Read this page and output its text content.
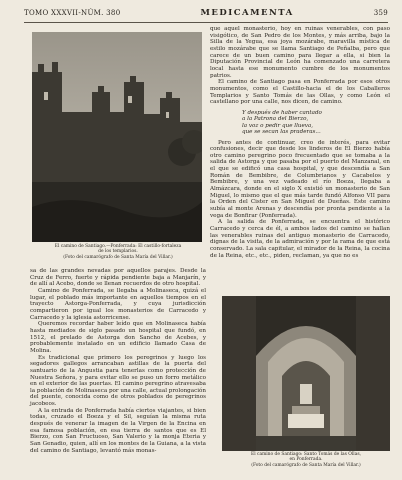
TOMO XXXVII-NÚM. 380	MEDICAMENTA	359
El camino de Santiago.—Ponferrada: El castillo-fortaleza
de los templarios.
(Foto del camarógrafo de Santa María del Villar.)

que aquel monasterio, hoy en ruinas venerables, con paso visigótico, de San Pedro de los Montes, y más arriba, bajo la Silla de la Yegua, esa joya mozárabe, maravilla mística de estilo mozárabe que se llama Santiago de Peñalba, pero que carece de un buen camino para llegar a ella, si bien la Diputación Provincial de León ha comenzado una carretera local hasta ese monumento cumbre de los monumentos patrios.

El camino de Santiago pasa en Ponferrada por esos otros monumentos, como el Castillo-hacia el de los Caballeros Templarios y Santo Tomás de las Ollas, y como León el castellano por una calle, nos dicen, de camino.

Y después de haber cantado
a la Patrona del Bierzo,
la voz o pedir que llueva,
que se secan las praderas...

Pero antes de continuar, creo de interés, para evitar confusiones, decir que desde los linderos de El Bierzo había otro camino peregrino poco frecuentado que se tomaba a la salida de Astorga y que pasaba por el puerto del Manzanal, en el que se edificó una casa hospital, y que descendía a San Román de Bembibre, de Columbrianos y Cacabelos y Bembibre, y una vez vadeado el río Boeza, llegaba a Almázcara, donde en el siglo X existió un monasterio de San Miguel, lo mismo que el que más tarde fundó Alfonso VII para la Orden del Cister en San Miguel de Dueñas. Este camino subía al monte Arenas y descendía por pronta pendiente a la vega de Bonfirar (Ponferrada).

A la salida de Ponferrada, se encuentra el histórico Carracedo y cerca de él, a ambos lados del camino se hallan las venerables ruinas del antiguo monasterio de Carracedo, dignas de la visita, de la admiración y por la rama de que está conservado. La sala capitular, el mirador de la Reina, la cocina de la Reina, etc., etc., piden, reclaman, ya que no es

sa de las grandes nevadas por aquellos parajes. Desde la Cruz de Ferro, fuerte y rápida pendiente baja a Manjarín, y de allí al Acebo, donde se llenan recuerdos de otro hospital.

Camino de Ponferrada, se llegaba a Molinaseca, quizá el lugar, el poblado más importante en aquellos tiempos en el trayecto Astorga-Ponferrada, y cuya jurisdicción compartieron por igual los monasterios de Carracedo y Carracedo y la iglesia astorricense.

Queremos recordar haber leído que en Molinaseca había hasta mediados de siglo pasado un hospital que fundó, en 1512, el prelado de Astorga don Sancho de Acebes, y probablemente instalado en un edificio llamado Casa de Molina.

Es tradicional que primero los peregrinos y luego los segadores gallegos arrancaban astillas de la puerta del santuario de la Angustia para tenerlas como protección de Nuestra Señora, y para evitar ello se puso un forro metálico en el exterior de las puertas. El camino peregrino atravesaba la población de Molinaseca por una calle, actual prolongación del puente, conocida como de otros poblados de peregrinos jacobeos.

A la entrada de Ponferrada había ciertos viajantes, si bien todas, cruzado el Boeza y el Sil, seguían la misma ruta después de venerar la imagen de la Virgen de la Encina en esa famosa población, en esa tierra de santos que es El Bierzo, con San Fructuoso, San Valerio y la monja Eteria y San Genadio, quien, allí en los montes de la Guiana, a la vista del camino de Santiago, levantó más monas-

El camino de Santiago: Santo Tomás de las Ollas,
en Ponferrada.
(Foto del camarógrafo de Santa María del Villar.)
